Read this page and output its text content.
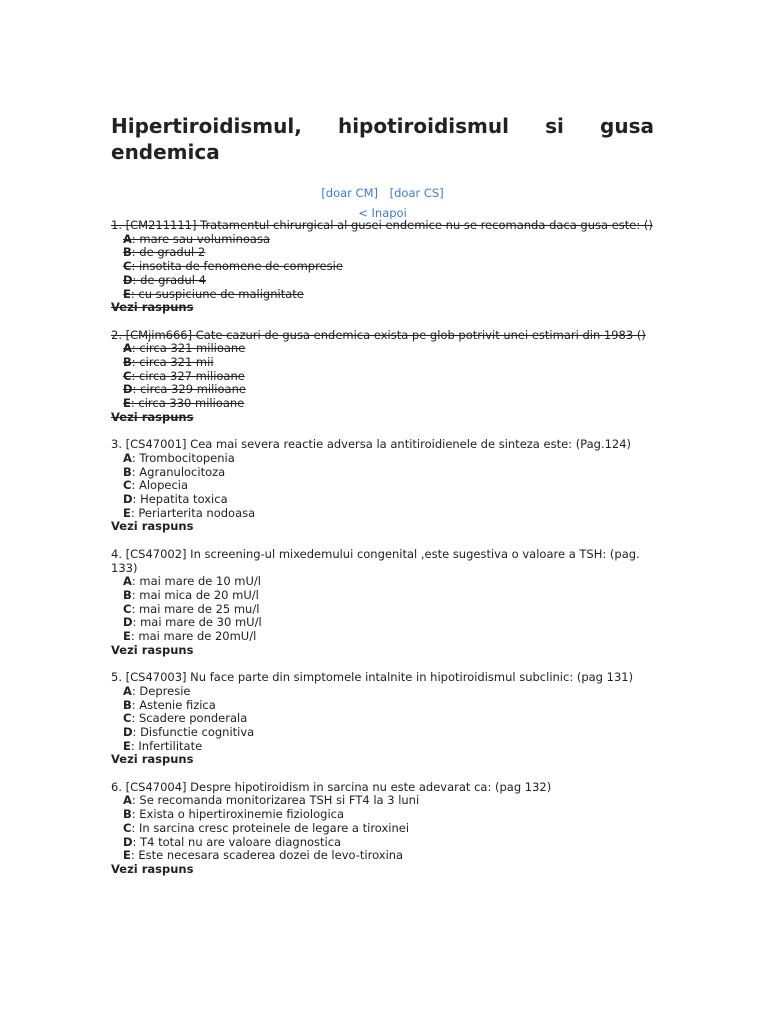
Hipertiroidismul, hipotiroidismul si gusa endemica
[doar CM] [doar CS]
< Inapoi
1. [CM211111] Tratamentul chirurgical al gusei endemice nu se recomanda daca gusa este: ()
A: mare sau voluminoasa
B: de gradul 2
C: insotita de fenomene de compresie
D: de gradul 4
E: cu suspiciune de malignitate
Vezi raspuns
2. [CMjim666] Cate cazuri de gusa endemica exista pe glob potrivit unei estimari din 1983 ()
A: circa 321 milioane
B: circa 321 mii
C: circa 327 milioane
D: circa 329 milioane
E: circa 330 milioane
Vezi raspuns
3. [CS47001] Cea mai severa reactie adversa la antitiroidienele de sinteza este: (Pag.124)
A: Trombocitopenia
B: Agranulocitoza
C: Alopecia
D: Hepatita toxica
E: Periarterita nodoasa
Vezi raspuns
4. [CS47002] In screening-ul mixedemului congenital ,este sugestiva o valoare a TSH: (pag. 133)
A: mai mare de 10 mU/l
B: mai mica de 20 mU/l
C: mai mare de 25 mu/l
D: mai mare de 30 mU/l
E: mai mare de 20mU/l
Vezi raspuns
5. [CS47003] Nu face parte din simptomele intalnite in hipotiroidismul subclinic: (pag 131)
A: Depresie
B: Astenie fizica
C: Scadere ponderala
D: Disfunctie cognitiva
E: Infertilitate
Vezi raspuns
6. [CS47004] Despre hipotiroidism in sarcina nu este adevarat ca: (pag 132)
A: Se recomanda monitorizarea TSH si FT4 la 3 luni
B: Exista o hipertiroxinemie fiziologica
C: In sarcina cresc proteinele de legare a tiroxinei
D: T4 total nu are valoare diagnostica
E: Este necesara scaderea dozei de levo-tiroxina
Vezi raspuns
